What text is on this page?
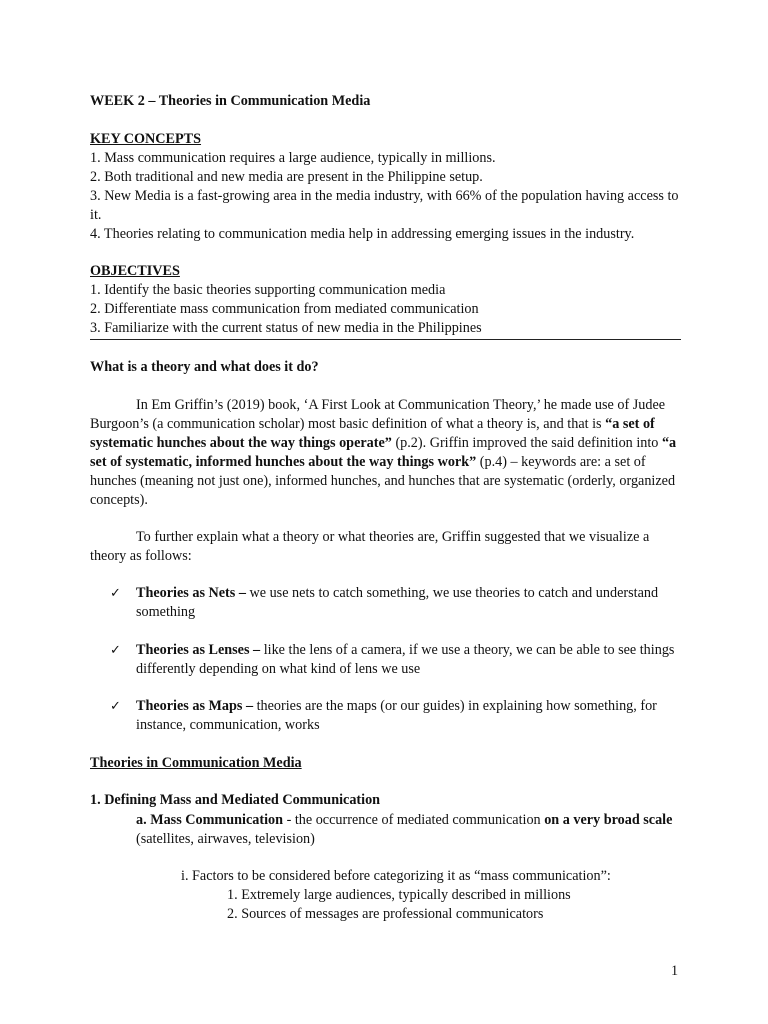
WEEK 2 – Theories in Communication Media
KEY CONCEPTS
1. Mass communication requires a large audience, typically in millions.
2. Both traditional and new media are present in the Philippine setup.
3. New Media is a fast-growing area in the media industry, with 66% of the population having access to
it.
4. Theories relating to communication media help in addressing emerging issues in the industry.
OBJECTIVES
1. Identify the basic theories supporting communication media
2. Differentiate mass communication from mediated communication
3. Familiarize with the current status of new media in the Philippines
What is a theory and what does it do?
In Em Griffin’s (2019) book, ‘A First Look at Communication Theory,’ he made use of Judee Burgoon’s (a communication scholar) most basic definition of what a theory is, and that is “a set of systematic hunches about the way things operate” (p.2). Griffin improved the said definition into “a set of systematic, informed hunches about the way things work” (p.4) – keywords are: a set of hunches (meaning not just one), informed hunches, and hunches that are systematic (orderly, organized concepts).
To further explain what a theory or what theories are, Griffin suggested that we visualize a theory as follows:
✓ Theories as Nets – we use nets to catch something, we use theories to catch and understand something
✓ Theories as Lenses – like the lens of a camera, if we use a theory, we can be able to see things differently depending on what kind of lens we use
✓ Theories as Maps – theories are the maps (or our guides) in explaining how something, for instance, communication, works
Theories in Communication Media
1. Defining Mass and Mediated Communication
a. Mass Communication - the occurrence of mediated communication on a very broad scale
(satellites, airwaves, television)
i. Factors to be considered before categorizing it as “mass communication”:
1. Extremely large audiences, typically described in millions
2. Sources of messages are professional communicators
1
